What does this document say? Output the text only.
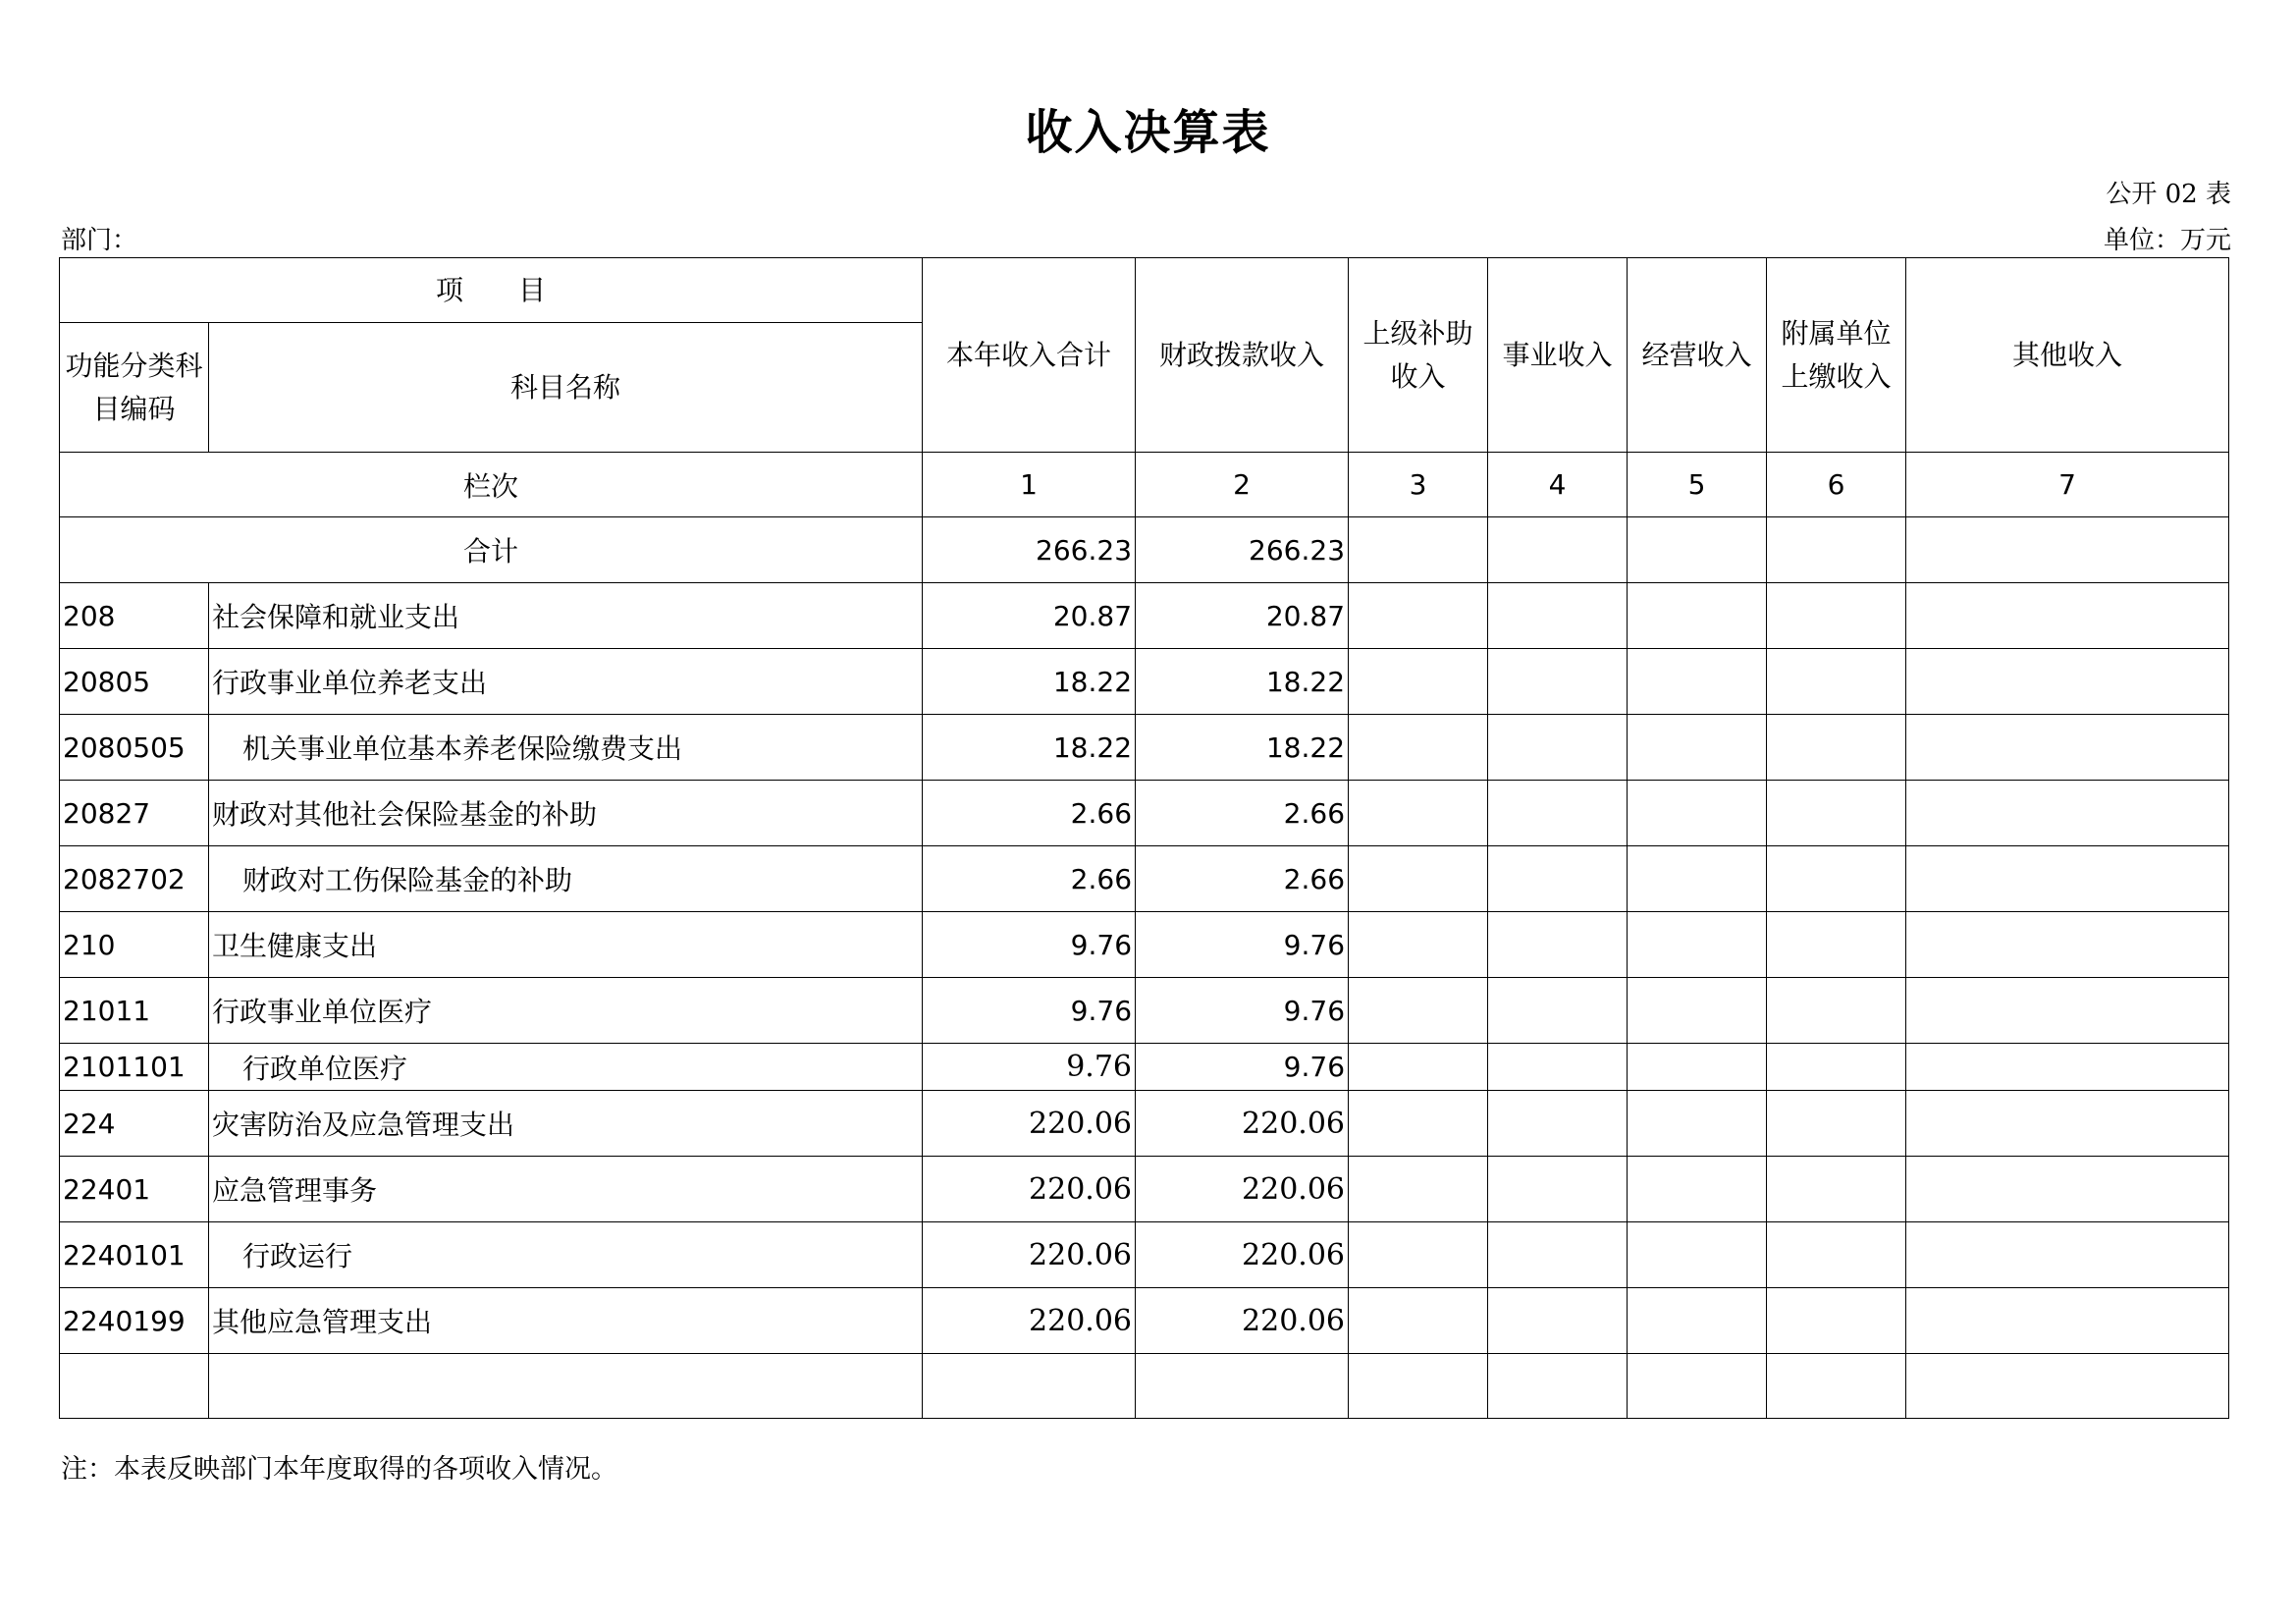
收入决算表
公开 02 表
部门：	单位：万元
项　　目		本年收入合计	财政拨款收入	上级补助收入	事业收入	经营收入	附属单位上缴收入	其他收入
功能分类科目编码	科目名称							
栏次		1	2	3	4	5	6	7
合计		266.23	266.23					
208	社会保障和就业支出	20.87	20.87					
20805	行政事业单位养老支出	18.22	18.22					
2080505	机关事业单位基本养老保险缴费支出	18.22	18.22					
20827	财政对其他社会保险基金的补助	2.66	2.66					
2082702	财政对工伤保险基金的补助	2.66	2.66					
210	卫生健康支出	9.76	9.76					
21011	行政事业单位医疗	9.76	9.76					
2101101	行政单位医疗	9.76	9.76					
224	灾害防治及应急管理支出	220.06	220.06					
22401	应急管理事务	220.06	220.06					
2240101	行政运行	220.06	220.06					
2240199	其他应急管理支出	220.06	220.06					

注：本表反映部门本年度取得的各项收入情况。
